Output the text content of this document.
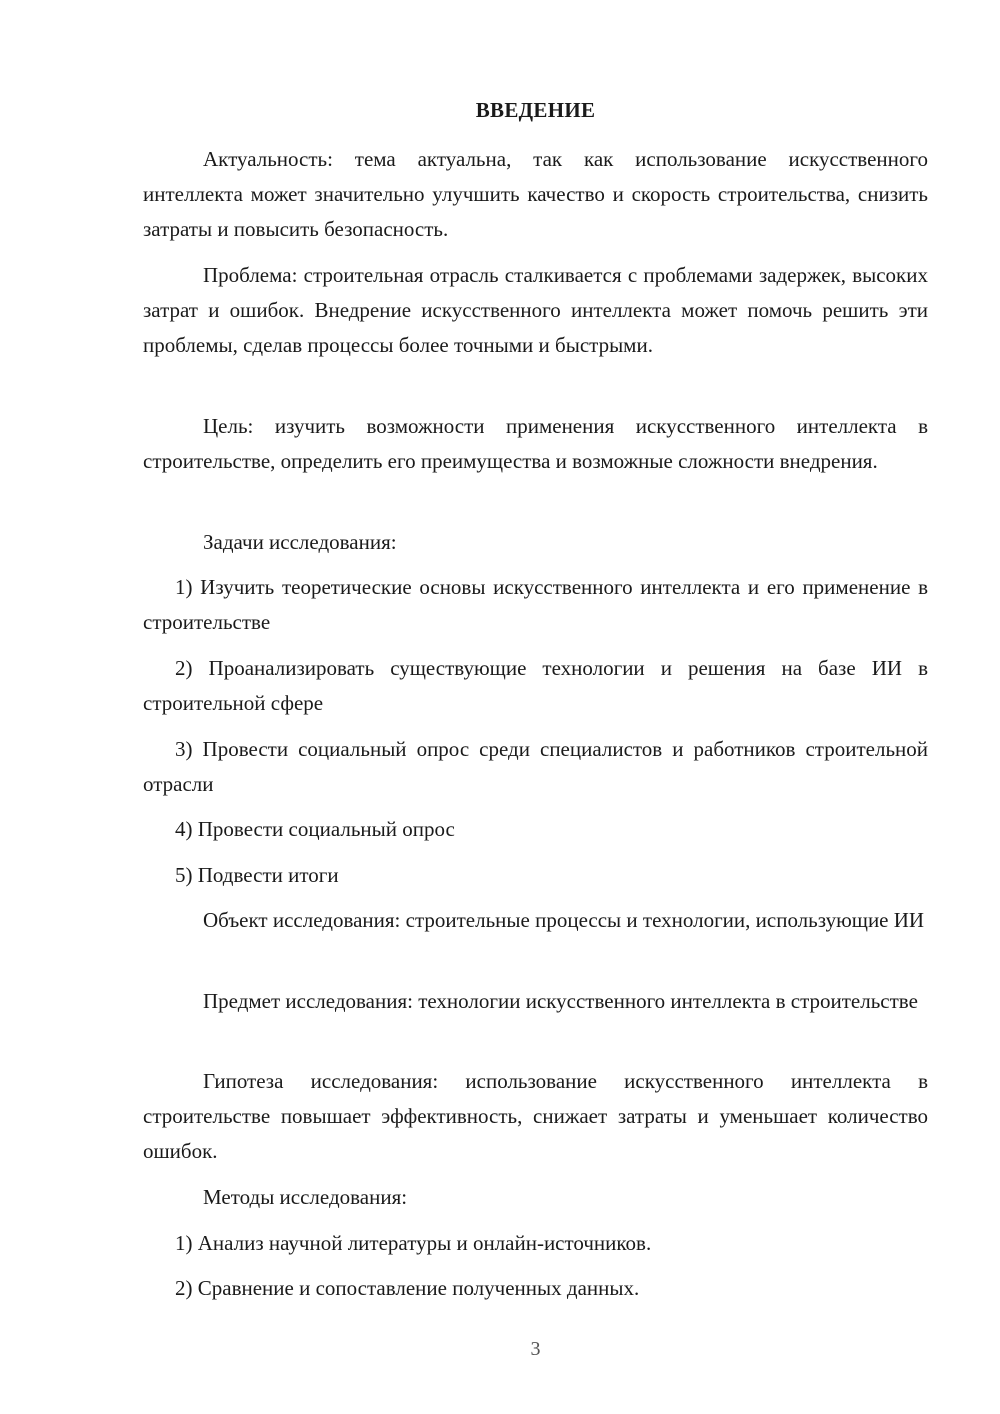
ВВЕДЕНИЕ
Актуальность: тема актуальна, так как использование искусственного интеллекта может значительно улучшить качество и скорость строительства, снизить затраты и повысить безопасность.
Проблема: строительная отрасль сталкивается с проблемами задержек, высоких затрат и ошибок. Внедрение искусственного интеллекта может помочь решить эти проблемы, сделав процессы более точными и быстрыми.
Цель: изучить возможности применения искусственного интеллекта в строительстве, определить его преимущества и возможные сложности внедрения.
Задачи исследования:
1) Изучить теоретические основы искусственного интеллекта и его применение в строительстве
2) Проанализировать существующие технологии и решения на базе ИИ в строительной сфере
3) Провести социальный опрос среди специалистов и работников строительной отрасли
4) Провести социальный опрос
5) Подвести итоги
Объект исследования: строительные процессы и технологии, использующие ИИ
Предмет исследования: технологии искусственного интеллекта в строительстве
Гипотеза исследования: использование искусственного интеллекта в строительстве повышает эффективность, снижает затраты и уменьшает количество ошибок.
Методы исследования:
1) Анализ научной литературы и онлайн-источников.
2) Сравнение и сопоставление полученных данных.
3
